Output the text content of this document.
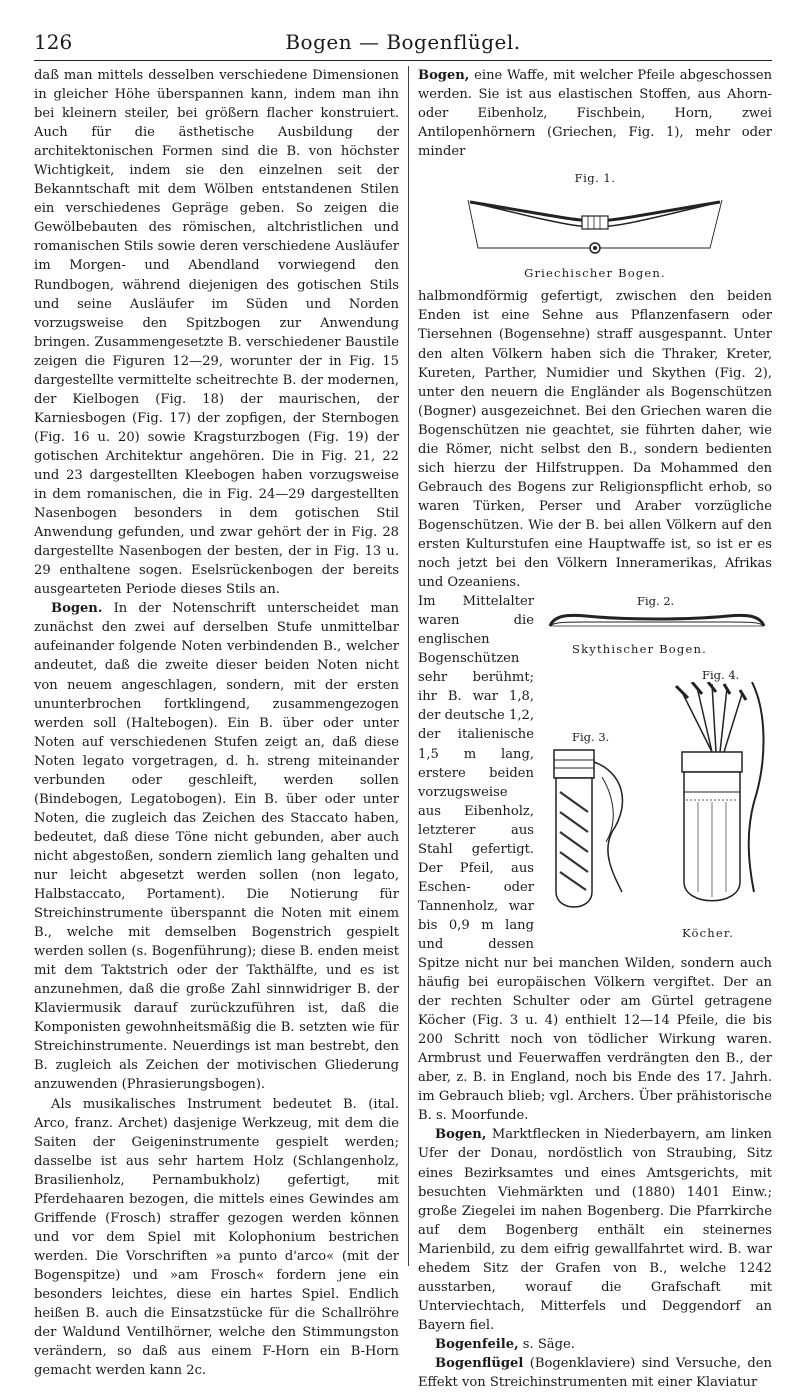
126	Bogen — Bogenflügel.

daß man mittels desselben verschiedene Dimensionen in gleicher Höhe überspannen kann, indem man ihn bei kleinern steiler, bei größern flacher konstruiert. Auch für die ästhetische Ausbildung der architektonischen Formen sind die B. von höchster Wichtigkeit, indem sie den einzelnen seit der Bekanntschaft mit dem Wölben entstandenen Stilen ein verschiedenes Gepräge geben. So zeigen die Gewölbebauten des römischen, altchristlichen und romanischen Stils sowie deren verschiedene Ausläufer im Morgen- und Abendland vorwiegend den Rundbogen, während diejenigen des gotischen Stils und seine Ausläufer im Süden und Norden vorzugsweise den Spitzbogen zur Anwendung bringen. Zusammengesetzte B. verschiedener Baustile zeigen die Figuren 12—29, worunter der in Fig. 15 dargestellte vermittelte scheitrechte B. der modernen, der Kielbogen (Fig. 18) der maurischen, der Karniesbogen (Fig. 17) der zopfigen, der Sternbogen (Fig. 16 u. 20) sowie Kragsturzbogen (Fig. 19) der gotischen Architektur angehören. Die in Fig. 21, 22 und 23 dargestellten Kleebogen haben vorzugsweise in dem romanischen, die in Fig. 24—29 dargestellten Nasenbogen besonders in dem gotischen Stil Anwendung gefunden, und zwar gehört der in Fig. 28 dargestellte Nasenbogen der besten, der in Fig. 13 u. 29 enthaltene sogen. Eselsrückenbogen der bereits ausgearteten Periode dieses Stils an.

Bogen. In der Notenschrift unterscheidet man zunächst den zwei auf derselben Stufe unmittelbar aufeinander folgende Noten verbindenden B., welcher andeutet, daß die zweite dieser beiden Noten nicht von neuem angeschlagen, sondern, mit der ersten ununterbrochen fortklingend, zusammengezogen werden soll (Haltebogen). Ein B. über oder unter Noten auf verschiedenen Stufen zeigt an, daß diese Noten legato vorgetragen, d. h. streng miteinander verbunden oder geschleift, werden sollen (Bindebogen, Legatobogen). Ein B. über oder unter Noten, die zugleich das Zeichen des Staccato haben, bedeutet, daß diese Töne nicht gebunden, aber auch nicht abgestoßen, sondern ziemlich lang gehalten und nur leicht abgesetzt werden sollen (non legato, Halbstaccato, Portament). Die Notierung für Streichinstrumente überspannt die Noten mit einem B., welche mit demselben Bogenstrich gespielt werden sollen (s. Bogenführung); diese B. enden meist mit dem Taktstrich oder der Takthälfte, und es ist anzunehmen, daß die große Zahl sinnwidriger B. der Klaviermusik darauf zurückzuführen ist, daß die Komponisten gewohnheitsmäßig die B. setzten wie für Streichinstrumente. Neuerdings ist man bestrebt, den B. zugleich als Zeichen der motivischen Gliederung anzuwenden (Phrasierungsbogen).

Als musikalisches Instrument bedeutet B. (ital. Arco, franz. Archet) dasjenige Werkzeug, mit dem die Saiten der Geigeninstrumente gespielt werden; dasselbe ist aus sehr hartem Holz (Schlangenholz, Brasilienholz, Pernambukholz) gefertigt, mit Pferdehaaren bezogen, die mittels eines Gewindes am Griffende (Frosch) straffer gezogen werden können und vor dem Spiel mit Kolophonium bestrichen werden. Die Vorschriften »a punto d'arco« (mit der Bogenspitze) und »am Frosch« fordern jene ein besonders leichtes, diese ein hartes Spiel. Endlich heißen B. auch die Einsatzstücke für die Schallröhre der Waldund Ventilhörner, welche den Stimmungston verändern, so daß aus einem F-Horn ein B-Horn gemacht werden kann 2c.

Bogen, eine Waffe, mit welcher Pfeile abgeschossen werden. Sie ist aus elastischen Stoffen, aus Ahorn- oder Eibenholz, Fischbein, Horn, zwei Antilopenhörnern (Griechen, Fig. 1), mehr oder minder

Fig. 1.
Griechischer Bogen.

halbmondförmig gefertigt, zwischen den beiden Enden ist eine Sehne aus Pflanzenfasern oder Tiersehnen (Bogensehne) straff ausgespannt. Unter den alten Völkern haben sich die Thraker, Kreter, Kureten, Parther, Numidier und Skythen (Fig. 2), unter den neuern die Engländer als Bogenschützen (Bogner) ausgezeichnet. Bei den Griechen waren die Bogenschützen nie geachtet, sie führten daher, wie die Römer, nicht selbst den B., sondern bedienten sich hierzu der Hilfstruppen. Da Mohammed den Gebrauch des Bogens zur Religionspflicht erhob, so waren Türken, Perser und Araber vorzügliche Bogenschützen. Wie der B. bei allen Völkern auf den ersten Kulturstufen eine Hauptwaffe ist, so ist er es noch jetzt bei den Völkern Inneramerikas, Afrikas und Ozeaniens.

Fig. 2.
Skythischer Bogen.
Fig. 4.
Fig. 3.
Köcher.

Im Mittelalter waren die englischen Bogenschützen sehr berühmt; ihr B. war 1,8, der deutsche 1,2, der italienische 1,5 m lang, erstere beiden vorzugsweise aus Eibenholz, letzterer aus Stahl gefertigt. Der Pfeil, aus Eschen- oder Tannenholz, war bis 0,9 m lang und dessen Spitze nicht nur bei manchen Wilden, sondern auch häufig bei europäischen Völkern vergiftet. Der an der rechten Schulter oder am Gürtel getragene Köcher (Fig. 3 u. 4) enthielt 12—14 Pfeile, die bis 200 Schritt noch von tödlicher Wirkung waren. Armbrust und Feuerwaffen verdrängten den B., der aber, z. B. in England, noch bis Ende des 17. Jahrh. im Gebrauch blieb; vgl. Archers. Über prähistorische B. s. Moorfunde.

Bogen, Marktflecken in Niederbayern, am linken Ufer der Donau, nordöstlich von Straubing, Sitz eines Bezirksamtes und eines Amtsgerichts, mit besuchten Viehmärkten und (1880) 1401 Einw.; große Ziegelei im nahen Bogenberg. Die Pfarrkirche auf dem Bogenberg enthält ein steinernes Marienbild, zu dem eifrig gewallfahrtet wird. B. war ehedem Sitz der Grafen von B., welche 1242 ausstarben, worauf die Grafschaft mit Unterviechtach, Mitterfels und Deggendorf an Bayern fiel.

Bogenfeile, s. Säge.

Bogenflügel (Bogenklaviere) sind Versuche, den Effekt von Streichinstrumenten mit einer Klaviatur
